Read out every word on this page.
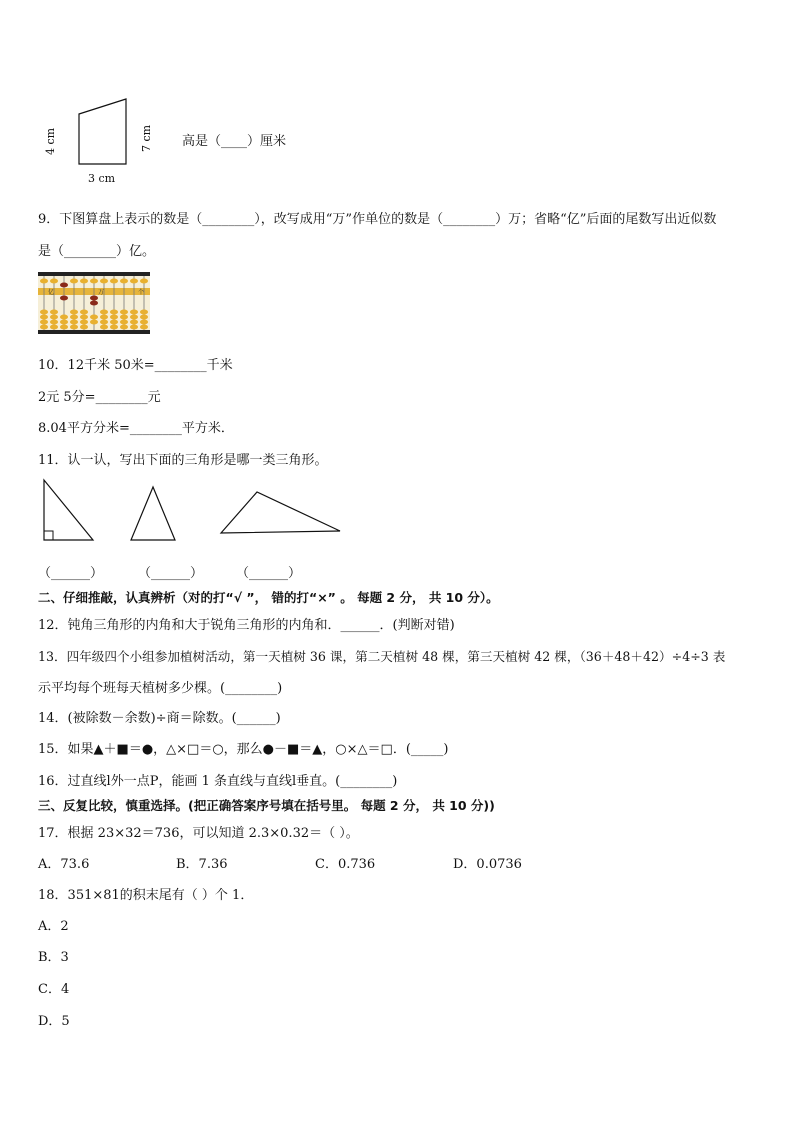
4 cm	7 cm
3 cm
高是（____）厘米
9．下图算盘上表示的数是（________），改写成用“万”作单位的数是（________）万；省略“亿”后面的尾数写出近似数
是（________）亿。
亿	万	个
10．12千米 50米=________千米
2元 5分=________元
8.04平方分米=________平方米．
11．认一认，写出下面的三角形是哪一类三角形。
（______）	（______）	（______）
二、仔细推敲，认真辨析（对的打“√ ”， 错的打“×” 。 每题 2 分， 共 10 分）。
12．钝角三角形的内角和大于锐角三角形的内角和．______．(判断对错)
13．四年级四个小组参加植树活动，第一天植树 36 课，第二天植树 48 棵，第三天植树 42 棵，（36＋48＋42）÷4÷3 表
示平均每个班每天植树多少棵。(________)
14．(被除数－余数)÷商＝除数。(______)
15．如果▲＋■＝●，△×□＝○，那么●－■＝▲，○×△＝□．(_____)
16．过直线l外一点P，能画 1 条直线与直线l垂直。(________)
三、反复比较，慎重选择。(把正确答案序号填在括号里。 每题 2 分， 共 10 分))
17．根据 23×32＝736，可以知道 2.3×0.32＝（ ）。
A．73.6	B．7.36	C．0.736	D．0.0736
18．351×81的积末尾有（ ）个 1．
A．2
B．3
C．4
D．5
